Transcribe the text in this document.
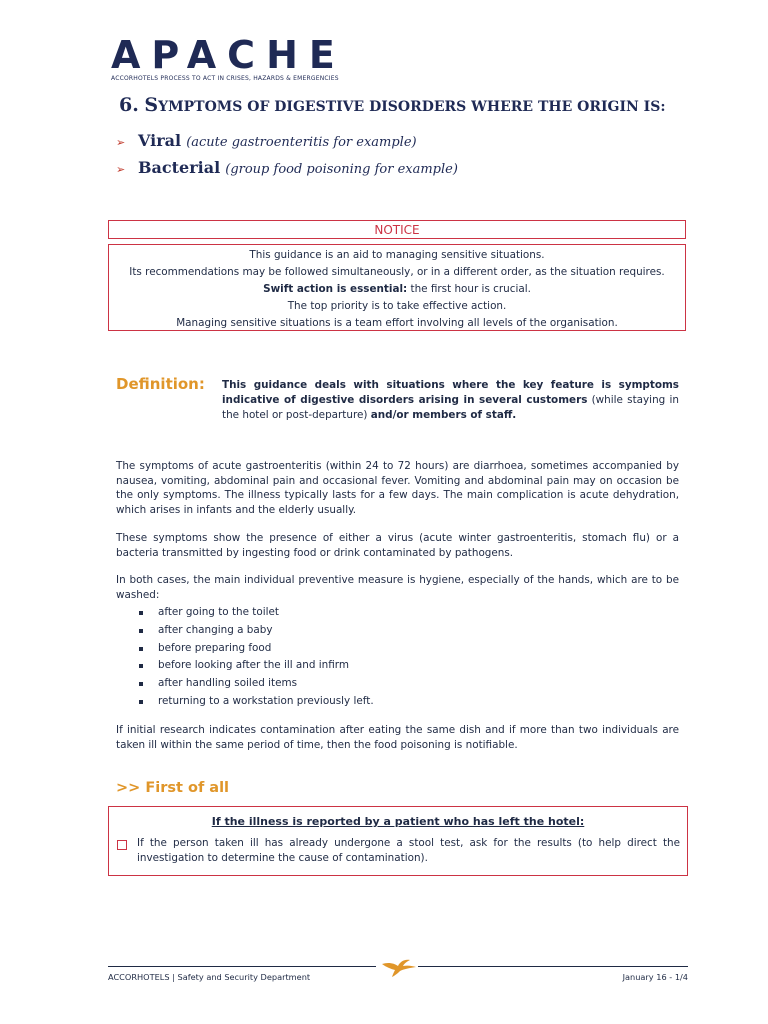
APACHE
ACCORHOTELS PROCESS TO ACT IN CRISES, HAZARDS & EMERGENCIES
6. SYMPTOMS OF DIGESTIVE DISORDERS WHERE THE ORIGIN IS:
➢ Viral (acute gastroenteritis for example)
➢ Bacterial (group food poisoning for example)
NOTICE
This guidance is an aid to managing sensitive situations.
Its recommendations may be followed simultaneously, or in a different order, as the situation requires.
Swift action is essential: the first hour is crucial.
The top priority is to take effective action.
Managing sensitive situations is a team effort involving all levels of the organisation.
Definition: This guidance deals with situations where the key feature is symptoms indicative of digestive disorders arising in several customers (while staying in the hotel or post-departure) and/or members of staff.
The symptoms of acute gastroenteritis (within 24 to 72 hours) are diarrhoea, sometimes accompanied by nausea, vomiting, abdominal pain and occasional fever. Vomiting and abdominal pain may on occasion be the only symptoms. The illness typically lasts for a few days. The main complication is acute dehydration, which arises in infants and the elderly usually.
These symptoms show the presence of either a virus (acute winter gastroenteritis, stomach flu) or a bacteria transmitted by ingesting food or drink contaminated by pathogens.
In both cases, the main individual preventive measure is hygiene, especially of the hands, which are to be washed:
after going to the toilet
after changing a baby
before preparing food
before looking after the ill and infirm
after handling soiled items
returning to a workstation previously left.
If initial research indicates contamination after eating the same dish and if more than two individuals are taken ill within the same period of time, then the food poisoning is notifiable.
>> First of all
If the illness is reported by a patient who has left the hotel:
If the person taken ill has already undergone a stool test, ask for the results (to help direct the investigation to determine the cause of contamination).
ACCORHOTELS | Safety and Security Department	January 16 - 1/4
